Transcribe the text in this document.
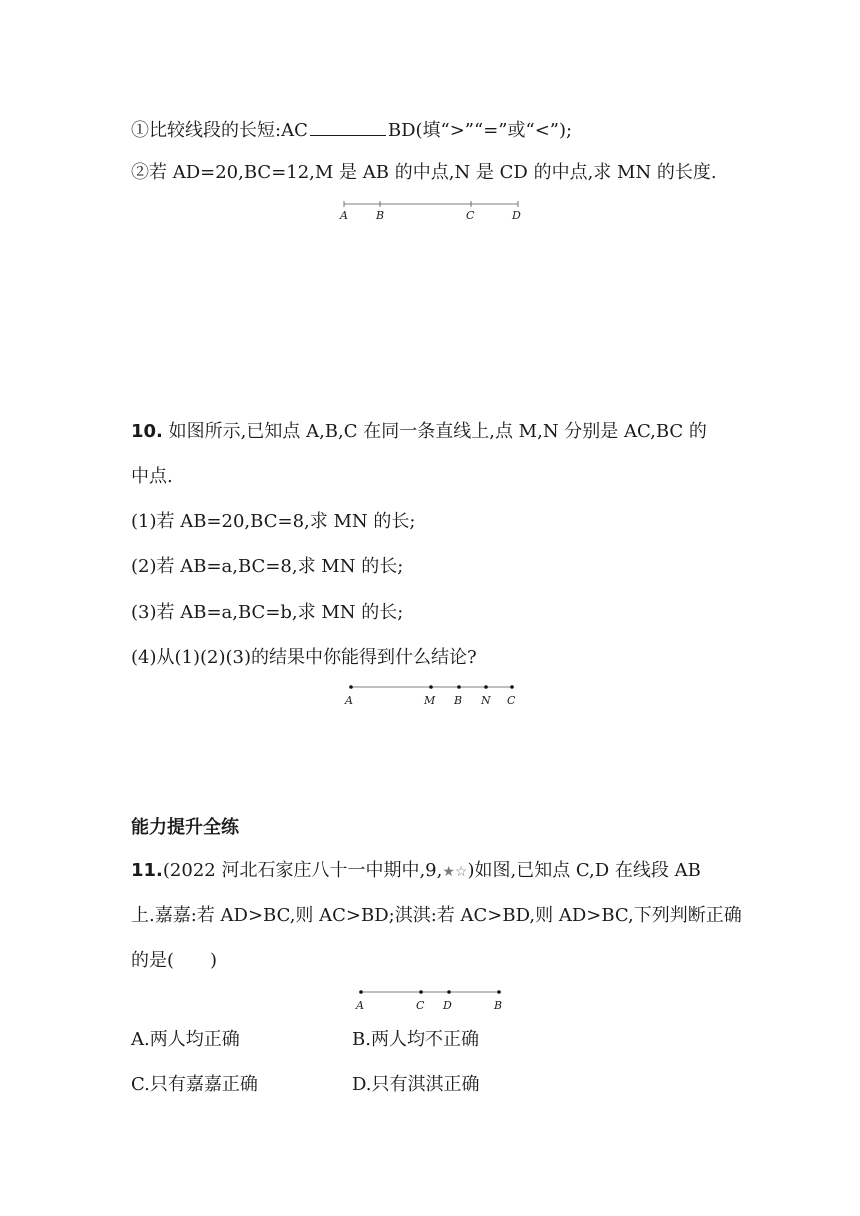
①比较线段的长短:AC	BD(填“>”“=”或“<”);
②若 AD=20,BC=12,M 是 AB 的中点,N 是 CD 的中点,求 MN 的长度.
A	B	C	D
10. 如图所示,已知点 A,B,C 在同一条直线上,点 M,N 分别是 AC,BC 的
中点.
(1)若 AB=20,BC=8,求 MN 的长;
(2)若 AB=a,BC=8,求 MN 的长;
(3)若 AB=a,BC=b,求 MN 的长;
(4)从(1)(2)(3)的结果中你能得到什么结论?
A	M B N C
能力提升全练
11.(2022 河北石家庄八十一中期中,9,★☆)如图,已知点 C,D 在线段 AB
上.嘉嘉:若 AD>BC,则 AC>BD;淇淇:若 AC>BD,则 AD>BC,下列判断正确
的是( )
A	C D	B
A.两人均正确	B.两人均不正确
C.只有嘉嘉正确	D.只有淇淇正确
